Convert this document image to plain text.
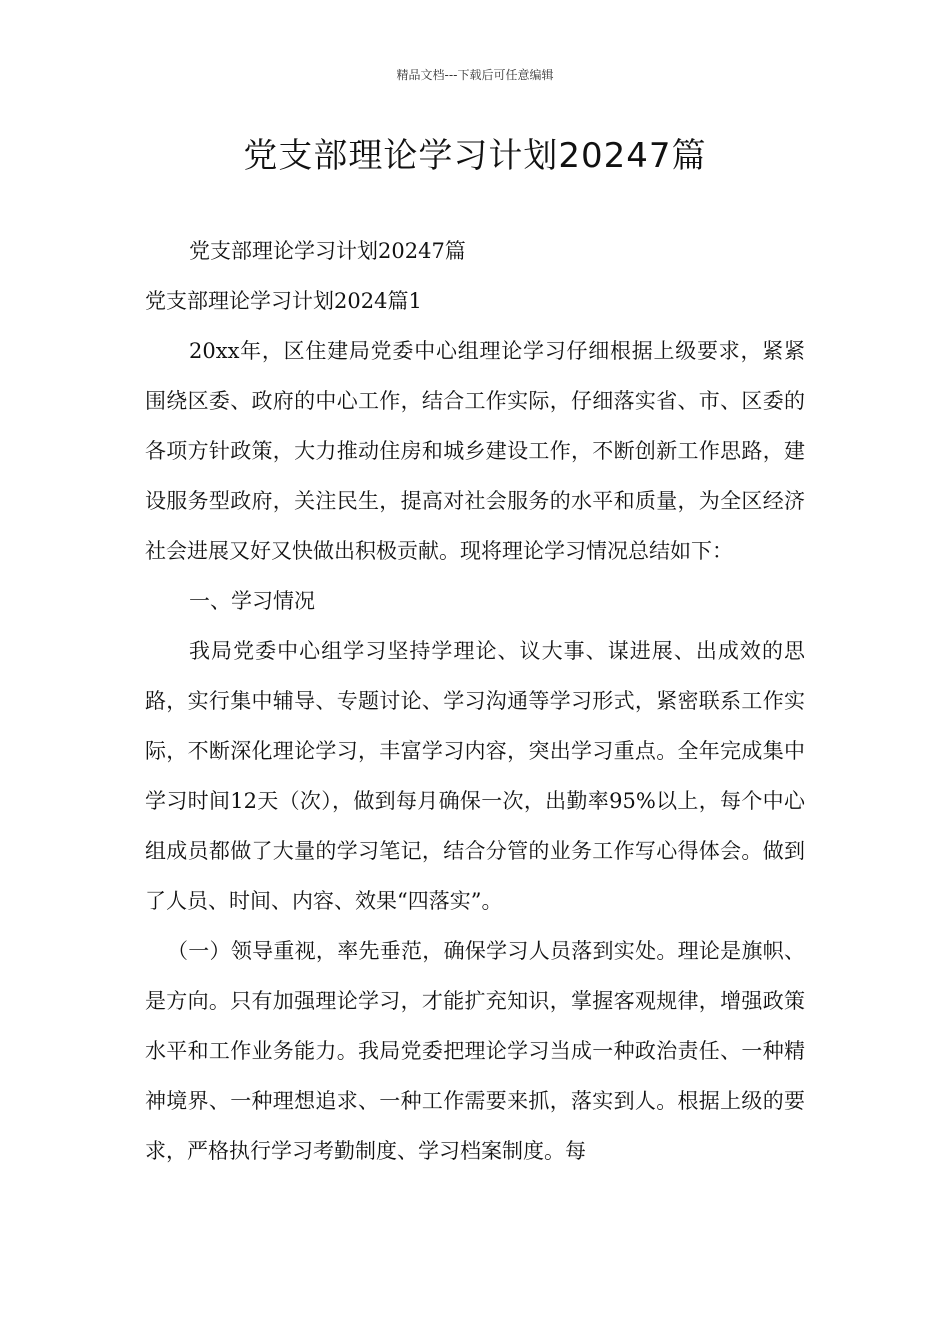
精品文档---下载后可任意编辑
党支部理论学习计划20247篇

党支部理论学习计划20247篇

党支部理论学习计划2024篇1

20xx年，区住建局党委中心组理论学习仔细根据上级要求，紧紧围绕区委、政府的中心工作，结合工作实际，仔细落实省、市、区委的各项方针政策，大力推动住房和城乡建设工作，不断创新工作思路，建设服务型政府，关注民生，提高对社会服务的水平和质量，为全区经济社会进展又好又快做出积极贡献。现将理论学习情况总结如下：

一、学习情况

我局党委中心组学习坚持学理论、议大事、谋进展、出成效的思路，实行集中辅导、专题讨论、学习沟通等学习形式，紧密联系工作实际，不断深化理论学习，丰富学习内容，突出学习重点。全年完成集中学习时间12天（次），做到每月确保一次，出勤率95%以上，每个中心组成员都做了大量的学习笔记，结合分管的业务工作写心得体会。做到了人员、时间、内容、效果“四落实”。

（一）领导重视，率先垂范，确保学习人员落到实处。理论是旗帜、是方向。只有加强理论学习，才能扩充知识，掌握客观规律，增强政策水平和工作业务能力。我局党委把理论学习当成一种政治责任、一种精神境界、一种理想追求、一种工作需要来抓，落实到人。根据上级的要求，严格执行学习考勤制度、学习档案制度。每
